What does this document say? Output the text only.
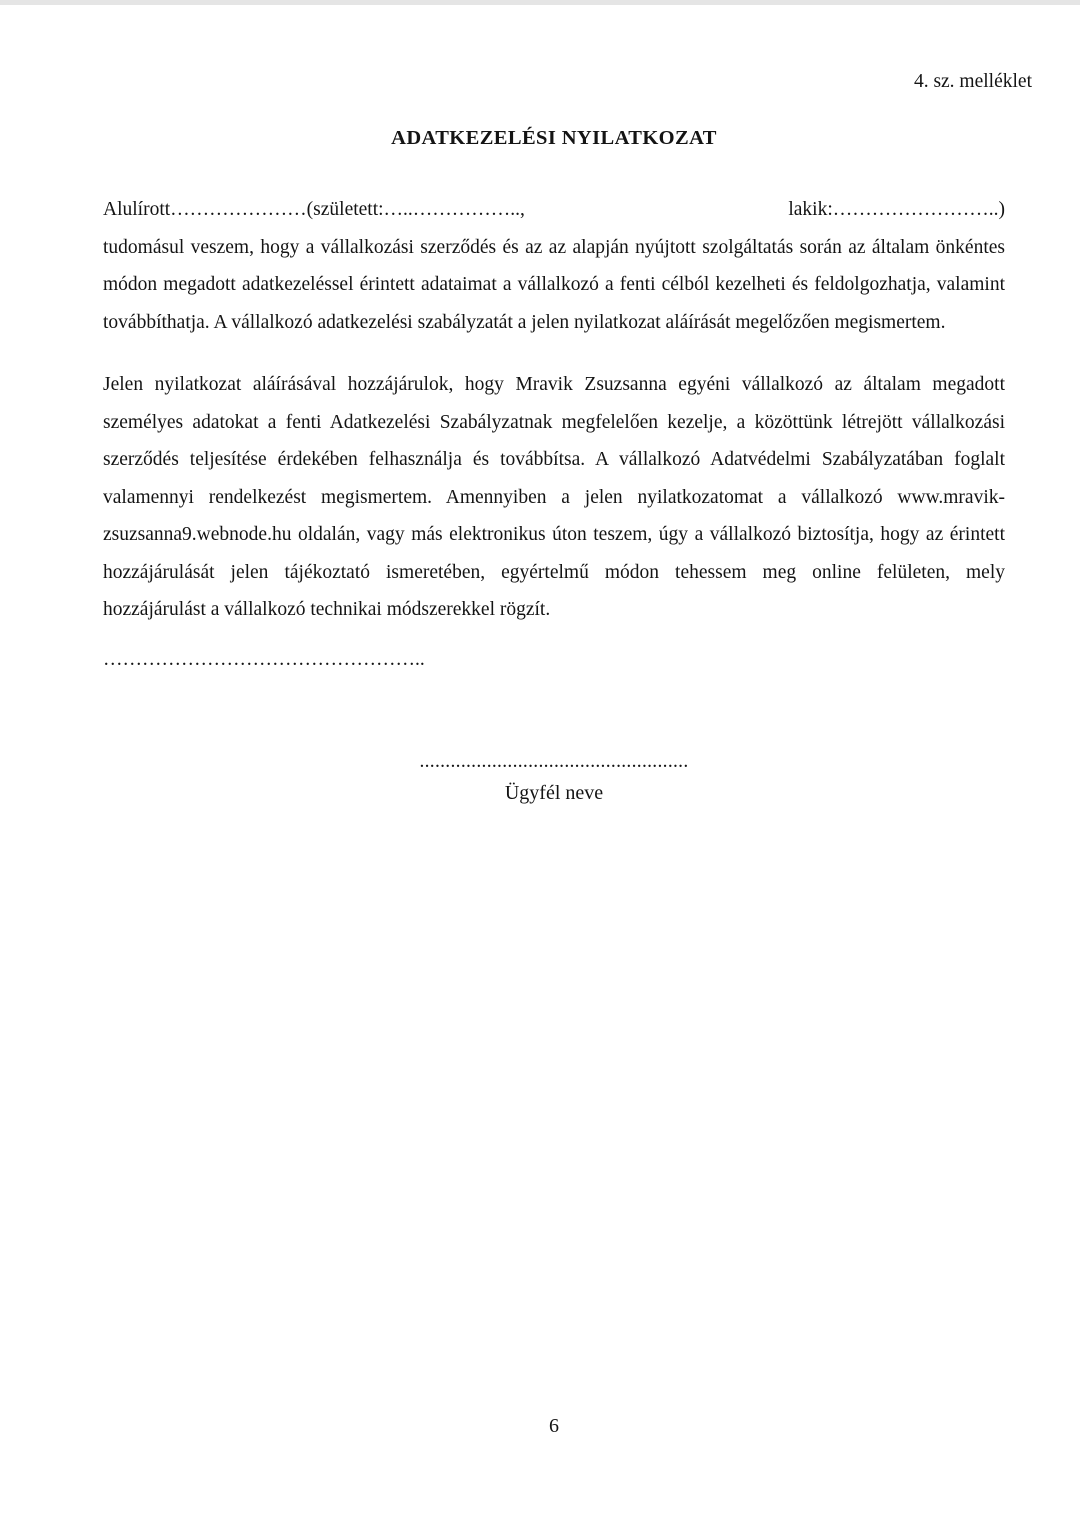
4. sz. melléklet
ADATKEZELÉSI NYILATKOZAT
Alulírott…………………(született:…..…………….., lakik:……………………..)
tudomásul veszem, hogy a vállalkozási szerződés és az az alapján nyújtott szolgáltatás során az általam önkéntes
módon megadott adatkezeléssel érintett adataimat a vállalkozó a fenti célból kezelheti és feldolgozhatja, valamint
továbbíthatja. A vállalkozó adatkezelési szabályzatát a jelen nyilatkozat aláírását megelőzően megismertem.
Jelen nyilatkozat aláírásával hozzájárulok, hogy Mravik Zsuzsanna egyéni vállalkozó az általam megadott
személyes adatokat a fenti Adatkezelési Szabályzatnak megfelelően kezelje, a közöttünk létrejött vállalkozási
szerződés teljesítése érdekében felhasználja és továbbítsa. A vállalkozó Adatvédelmi Szabályzatában foglalt
valamennyi rendelkezést megismertem. Amennyiben a jelen nyilatkozatomat a vállalkozó www.mravik-
zsuzsanna9.webnode.hu oldalán, vagy más elektronikus úton teszem, úgy a vállalkozó biztosítja, hogy az érintett
hozzájárulását jelen tájékoztató ismeretében, egyértelmű módon tehessem meg online felületen, mely
hozzájárulást a vállalkozó technikai módszerekkel rögzít.
…………………………………………..
....................................................
Ügyfél neve
6
